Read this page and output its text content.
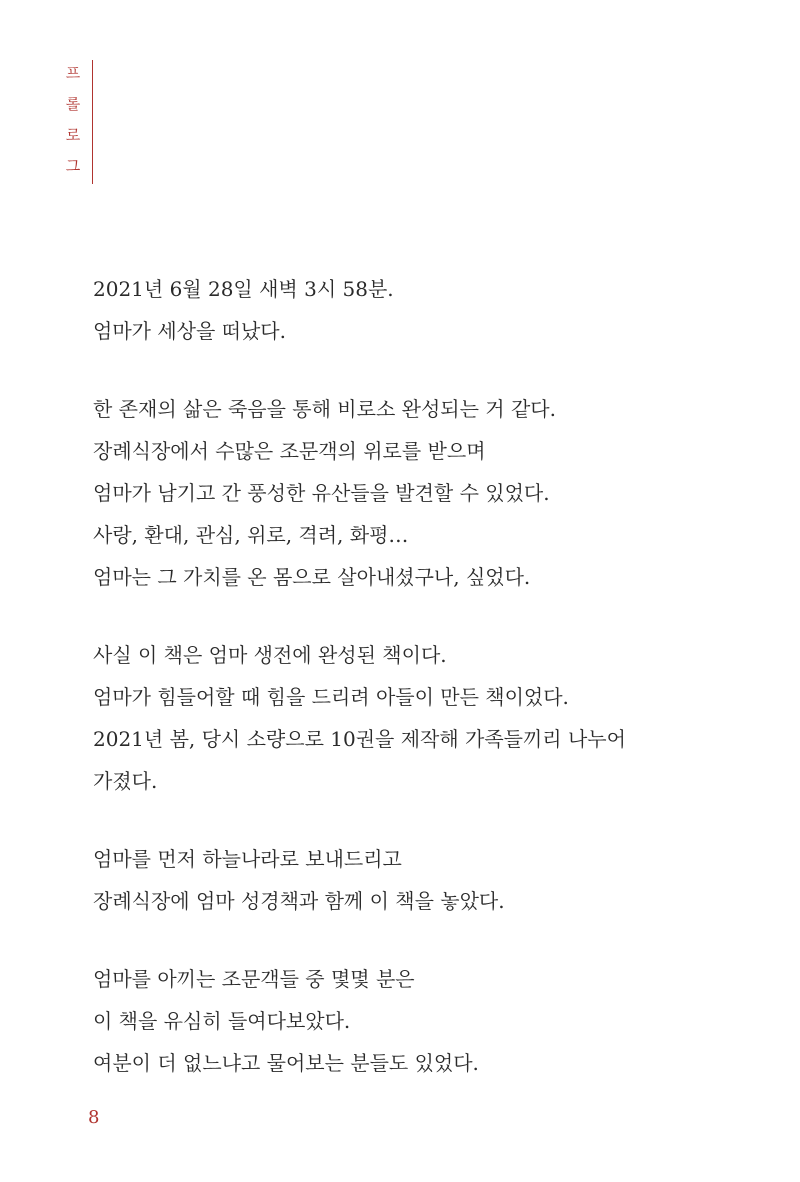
프
롤
로
그

2021년 6월 28일 새벽 3시 58분.
엄마가 세상을 떠났다.

한 존재의 삶은 죽음을 통해 비로소 완성되는 거 같다.
장례식장에서 수많은 조문객의 위로를 받으며
엄마가 남기고 간 풍성한 유산들을 발견할 수 있었다.
사랑, 환대, 관심, 위로, 격려, 화평…
엄마는 그 가치를 온 몸으로 살아내셨구나, 싶었다.

사실 이 책은 엄마 생전에 완성된 책이다.
엄마가 힘들어할 때 힘을 드리려 아들이 만든 책이었다.
2021년 봄, 당시 소량으로 10권을 제작해 가족들끼리 나누어
가졌다.

엄마를 먼저 하늘나라로 보내드리고
장례식장에 엄마 성경책과 함께 이 책을 놓았다.

엄마를 아끼는 조문객들 중 몇몇 분은
이 책을 유심히 들여다보았다.
여분이 더 없느냐고 물어보는 분들도 있었다.

8
